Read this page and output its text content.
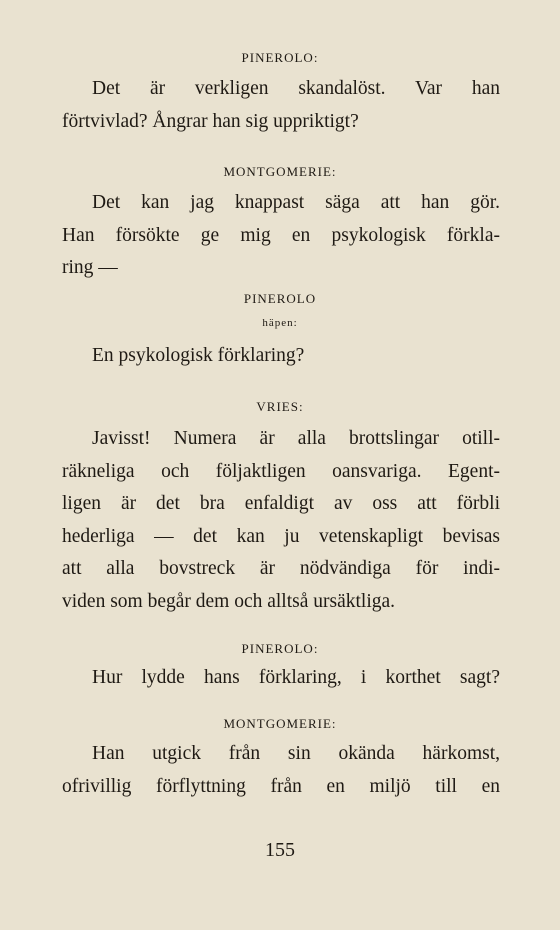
PINEROLO:
Det är verkligen skandalöst. Var han
förtvivlad? Ångrar han sig uppriktigt?
MONTGOMERIE:
Det kan jag knappast säga att han gör.
Han försökte ge mig en psykologisk förkla-
ring —
PINEROLO
häpen:
En psykologisk förklaring?
VRIES:
Javisst! Numera är alla brottslingar otill-
räkneliga och följaktligen oansvariga. Egent-
ligen är det bra enfaldigt av oss att förbli
hederliga — det kan ju vetenskapligt bevisas
att alla bovstreck är nödvändiga för indi-
viden som begår dem och alltså ursäktliga.
PINEROLO:
Hur lydde hans förklaring, i korthet sagt?
MONTGOMERIE:
Han utgick från sin okända härkomst,
ofrivillig förflyttning från en miljö till en
155
